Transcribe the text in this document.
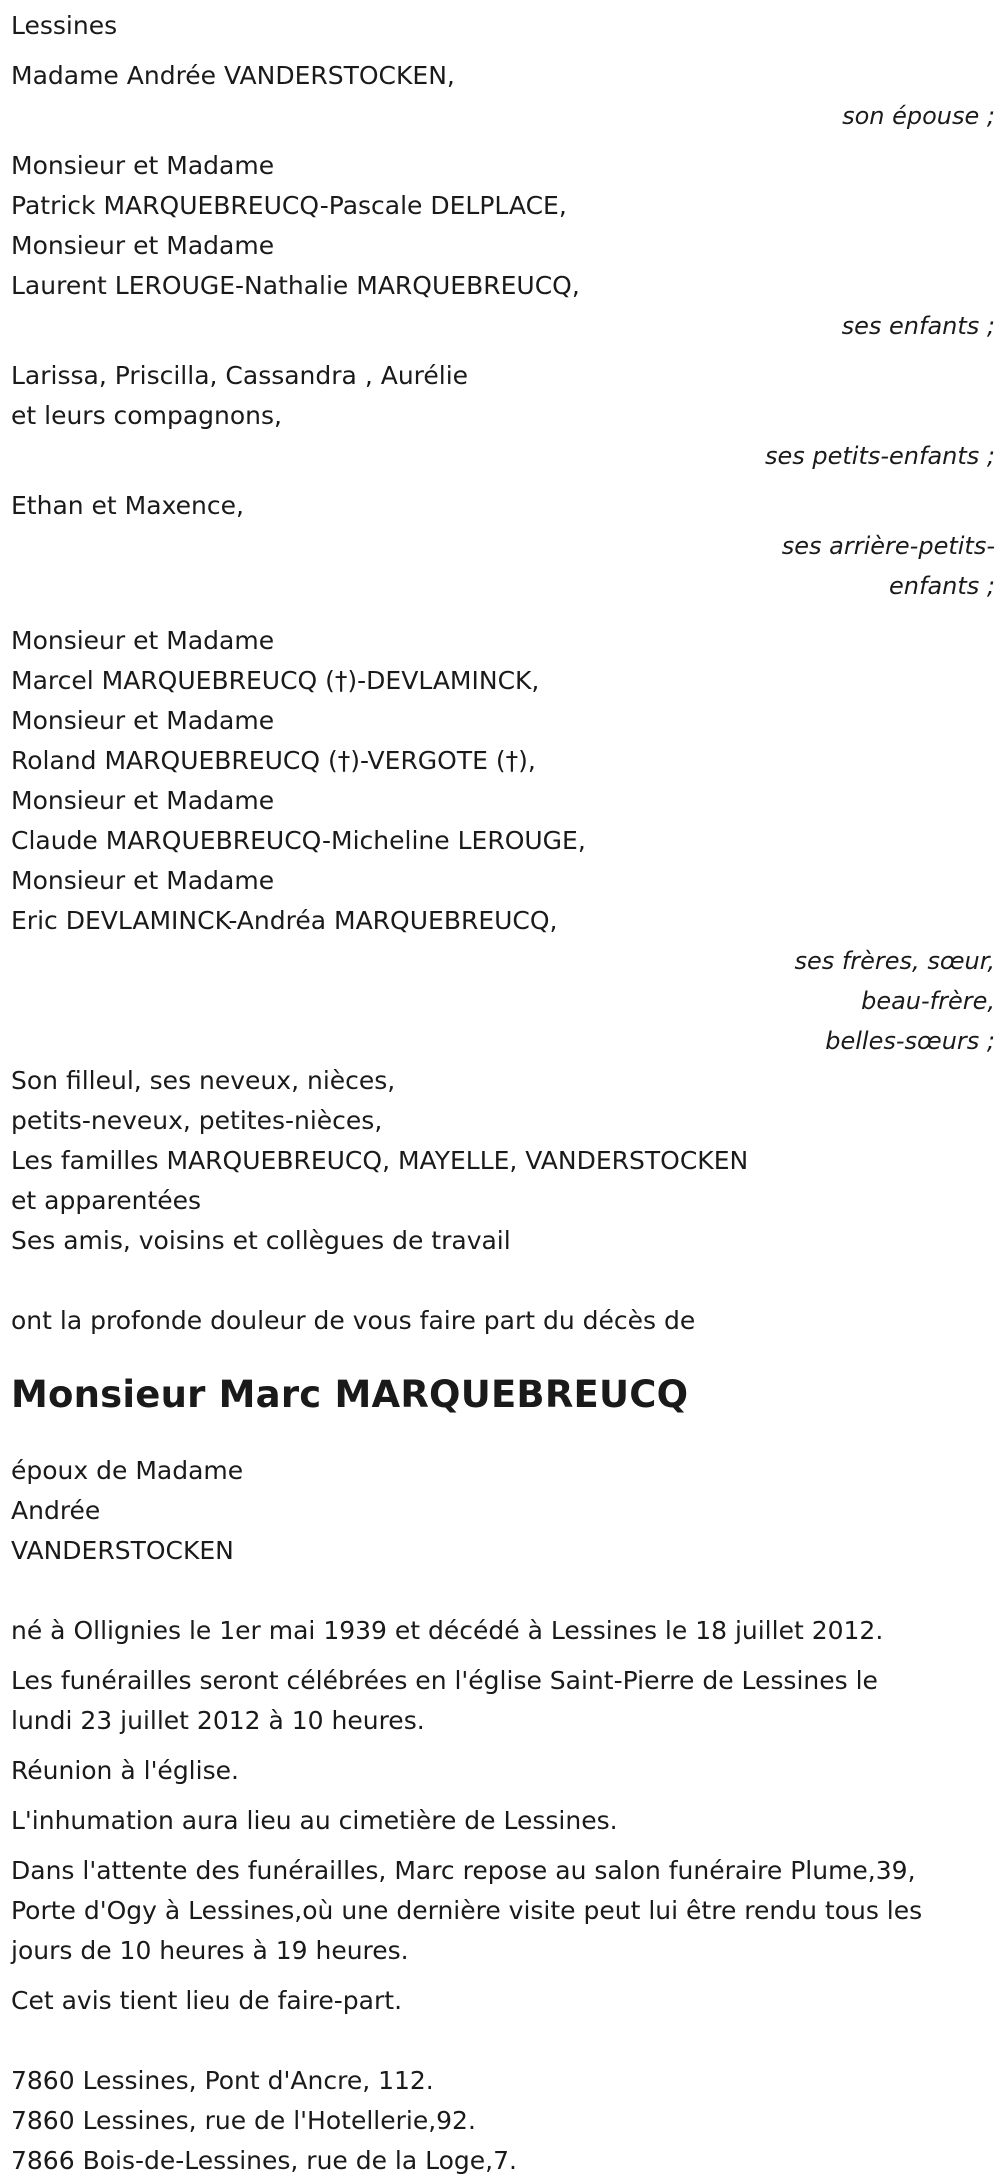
Lessines

Madame Andrée VANDERSTOCKEN,

son épouse ;

Monsieur et Madame

Patrick MARQUEBREUCQ-Pascale DELPLACE,

Monsieur et Madame

Laurent LEROUGE-Nathalie MARQUEBREUCQ,

ses enfants ;

Larissa, Priscilla, Cassandra , Aurélie

et leurs compagnons,

ses petits-enfants ;

Ethan et Maxence,

ses arrière-petits-

enfants ;

Monsieur et Madame

Marcel MARQUEBREUCQ (†)-DEVLAMINCK,

Monsieur et Madame

Roland MARQUEBREUCQ (†)-VERGOTE (†),

Monsieur et Madame

Claude MARQUEBREUCQ-Micheline LEROUGE,

Monsieur et Madame

Eric DEVLAMINCK-Andréa MARQUEBREUCQ,

ses frères, sœur,

beau-frère,

belles-sœurs ;

Son filleul, ses neveux, nièces,

petits-neveux, petites-nièces,

Les familles MARQUEBREUCQ, MAYELLE, VANDERSTOCKEN

et apparentées

Ses amis, voisins et collègues de travail

ont la profonde douleur de vous faire part du décès de

Monsieur Marc MARQUEBREUCQ

époux de Madame

Andrée

VANDERSTOCKEN

né à Ollignies le 1er mai 1939 et décédé à Lessines le 18 juillet 2012.

Les funérailles seront célébrées en l'église Saint-Pierre de Lessines le

lundi 23 juillet 2012 à 10 heures.

Réunion à l'église.

L'inhumation aura lieu au cimetière de Lessines.

Dans l'attente des funérailles, Marc repose au salon funéraire Plume,39,

Porte d'Ogy à Lessines,où une dernière visite peut lui être rendu tous les

jours de 10 heures à 19 heures.

Cet avis tient lieu de faire-part.

7860 Lessines, Pont d'Ancre, 112.

7860 Lessines, rue de l'Hotellerie,92.

7866 Bois-de-Lessines, rue de la Loge,7.
